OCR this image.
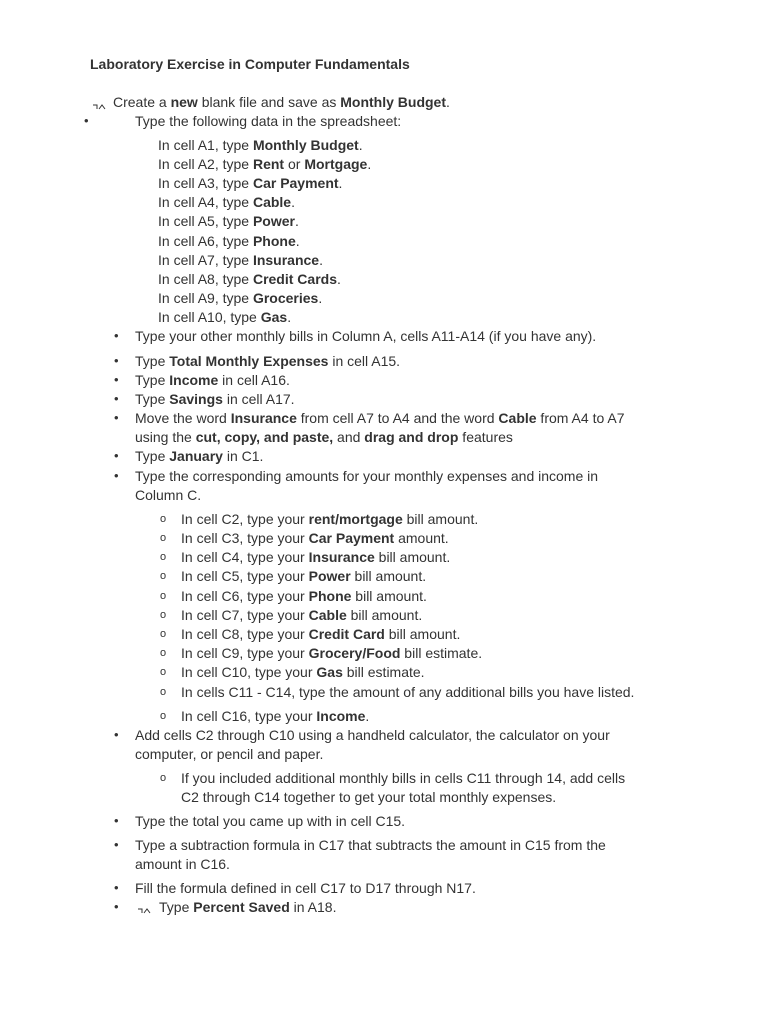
Laboratory Exercise in Computer Fundamentals
Create a new blank file and save as Monthly Budget.
•	Type the following data in the spreadsheet:
In cell A1, type Monthly Budget.
In cell A2, type Rent or Mortgage.
In cell A3, type Car Payment.
In cell A4, type Cable.
In cell A5, type Power.
In cell A6, type Phone.
In cell A7, type Insurance.
In cell A8, type Credit Cards.
In cell A9, type Groceries.
In cell A10, type Gas.
• Type your other monthly bills in Column A, cells A11-A14 (if you have any).
• Type Total Monthly Expenses in cell A15.
• Type Income in cell A16.
• Type Savings in cell A17.
• Move the word Insurance from cell A7 to A4 and the word Cable from A4 to A7
using the cut, copy, and paste, and drag and drop features
• Type January in C1.
• Type the corresponding amounts for your monthly expenses and income in
Column C.
o In cell C2, type your rent/mortgage bill amount.
o In cell C3, type your Car Payment amount.
o In cell C4, type your Insurance bill amount.
o In cell C5, type your Power bill amount.
o In cell C6, type your Phone bill amount.
o In cell C7, type your Cable bill amount.
o In cell C8, type your Credit Card bill amount.
o In cell C9, type your Grocery/Food bill estimate.
o In cell C10, type your Gas bill estimate.
o In cells C11 - C14, type the amount of any additional bills you have listed.
o In cell C16, type your Income.
• Add cells C2 through C10 using a handheld calculator, the calculator on your
computer, or pencil and paper.
o If you included additional monthly bills in cells C11 through 14, add cells
C2 through C14 together to get your total monthly expenses.
• Type the total you came up with in cell C15.
• Type a subtraction formula in C17 that subtracts the amount in C15 from the
amount in C16.
• Fill the formula defined in cell C17 to D17 through N17.
•	Type Percent Saved in A18.
